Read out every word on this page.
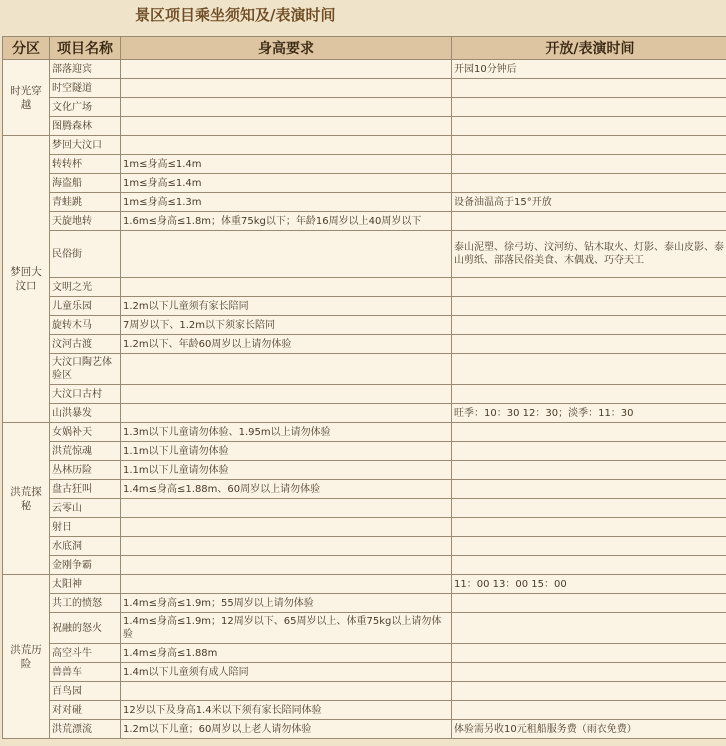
景区项目乘坐须知及/表演时间
分区	项目名称	身高要求	开放/表演时间
时光穿越	部落迎宾		开园10分钟后
	时空隧道		
	文化广场		
	图腾森林		
梦回大汶口	梦回大汶口		
	转转杯	1m≤身高≤1.4m	
	海盗船	1m≤身高≤1.4m	
	青蛙跳	1m≤身高≤1.3m	设备油温高于15°开放
	天旋地转	1.6m≤身高≤1.8m；体重75kg以下；年龄16周岁以上40周岁以下	
	民俗街		泰山泥塑、徐弓坊、汶河纺、钻木取火、灯影、泰山皮影、泰山剪纸、部落民俗美食、木偶戏、巧夺天工
	文明之光		
	儿童乐园	1.2m以下儿童须有家长陪同	
	旋转木马	7周岁以下、1.2m以下须家长陪同	
	汶河古渡	1.2m以下、年龄60周岁以上请勿体验	
	大汶口陶艺体验区		
	大汶口古村		
	山洪暴发		旺季：10：30 12：30；淡季：11：30
洪荒探秘	女娲补天	1.3m以下儿童请勿体验、1.95m以上请勿体验	
	洪荒惊魂	1.1m以下儿童请勿体验	
	丛林历险	1.1m以下儿童请勿体验	
	盘古狂叫	1.4m≤身高≤1.88m、60周岁以上请勿体验	
	云零山		
	射日		
	水底洞		
	金刚争霸		
洪荒历险	太阳神		11：00 13：00 15：00
	共工的愤怒	1.4m≤身高≤1.9m；55周岁以上请勿体验	
	祝融的怒火	1.4m≤身高≤1.9m；12周岁以下、65周岁以上、体重75kg以上请勿体验	
	高空斗牛	1.4m≤身高≤1.88m	
	兽兽车	1.4m以下儿童须有成人陪同	
	百鸟园		
	对对碰	12岁以下及身高1.4米以下须有家长陪同体验	
	洪荒漂流	1.2m以下儿童；60周岁以上老人请勿体验	体验需另收10元租船服务费（雨衣免费）
